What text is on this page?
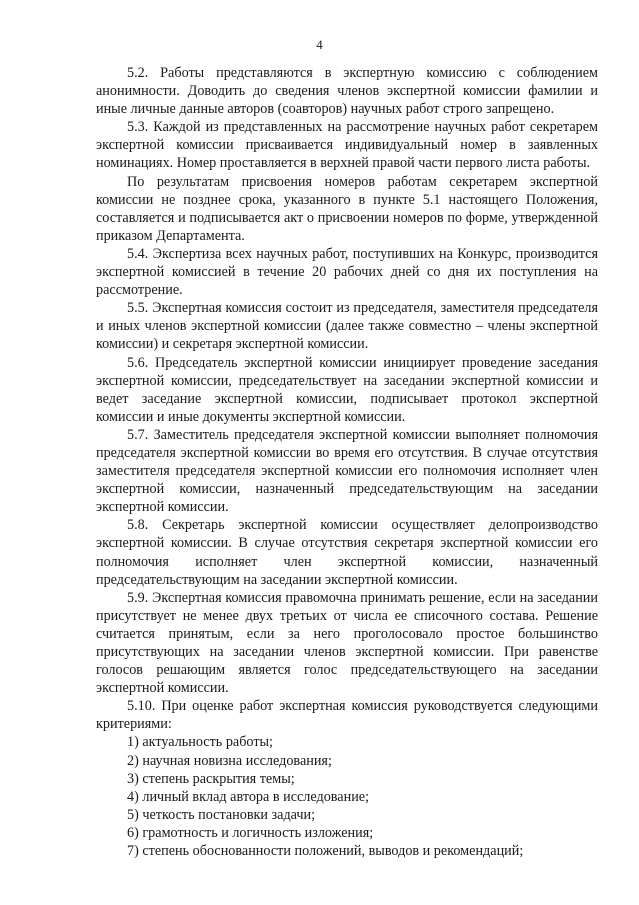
4

5.2. Работы представляются в экспертную комиссию с соблюдением анонимности. Доводить до сведения членов экспертной комиссии фамилии и иные личные данные авторов (соавторов) научных работ строго запрещено.

5.3. Каждой из представленных на рассмотрение научных работ секретарем экспертной комиссии присваивается индивидуальный номер в заявленных номинациях. Номер проставляется в верхней правой части первого листа работы.

По результатам присвоения номеров работам секретарем экспертной комиссии не позднее срока, указанного в пункте 5.1 настоящего Положения, составляется и подписывается акт о присвоении номеров по форме, утвержденной приказом Департамента.

5.4. Экспертиза всех научных работ, поступивших на Конкурс, производится экспертной комиссией в течение 20 рабочих дней со дня их поступления на рассмотрение.

5.5. Экспертная комиссия состоит из председателя, заместителя председателя и иных членов экспертной комиссии (далее также совместно – члены экспертной комиссии) и секретаря экспертной комиссии.

5.6. Председатель экспертной комиссии инициирует проведение заседания экспертной комиссии, председательствует на заседании экспертной комиссии и ведет заседание экспертной комиссии, подписывает протокол экспертной комиссии и иные документы экспертной комиссии.

5.7. Заместитель председателя экспертной комиссии выполняет полномочия председателя экспертной комиссии во время его отсутствия. В случае отсутствия заместителя председателя экспертной комиссии его полномочия исполняет член экспертной комиссии, назначенный председательствующим на заседании экспертной комиссии.

5.8. Секретарь экспертной комиссии осуществляет делопроизводство экспертной комиссии. В случае отсутствия секретаря экспертной комиссии его полномочия исполняет член экспертной комиссии, назначенный председательствующим на заседании экспертной комиссии.

5.9. Экспертная комиссия правомочна принимать решение, если на заседании присутствует не менее двух третьих от числа ее списочного состава. Решение считается принятым, если за него проголосовало простое большинство присутствующих на заседании членов экспертной комиссии. При равенстве голосов решающим является голос председательствующего на заседании экспертной комиссии.

5.10. При оценке работ экспертная комиссия руководствуется следующими критериями:

1) актуальность работы;
2) научная новизна исследования;
3) степень раскрытия темы;
4) личный вклад автора в исследование;
5) четкость постановки задачи;
6) грамотность и логичность изложения;
7) степень обоснованности положений, выводов и рекомендаций;
